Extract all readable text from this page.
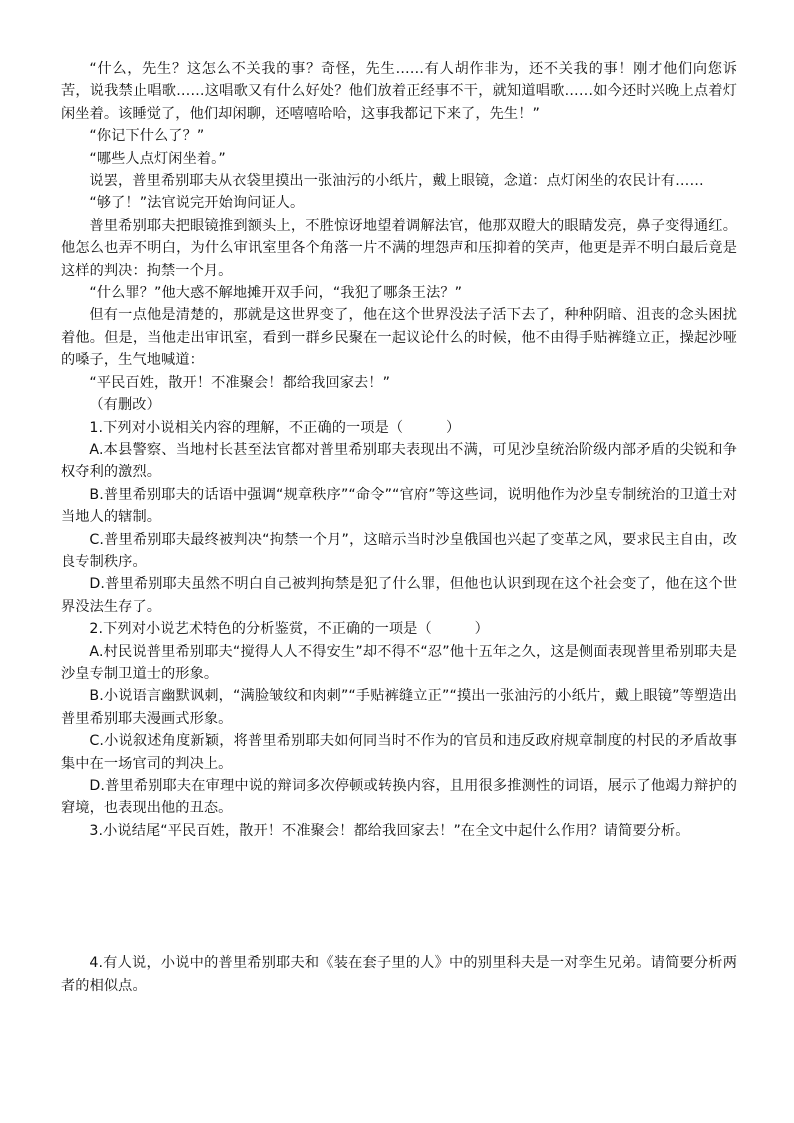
“什么，先生？这怎么不关我的事？奇怪，先生……有人胡作非为，还不关我的事！刚才他们向您诉苦，说我禁止唱歌……这唱歌又有什么好处？他们放着正经事不干，就知道唱歌……如今还时兴晚上点着灯闲坐着。该睡觉了，他们却闲聊，还嘻嘻哈哈，这事我都记下来了，先生！”

“你记下什么了？”

“哪些人点灯闲坐着。”

说罢，普里希别耶夫从衣袋里摸出一张油污的小纸片，戴上眼镜，念道：点灯闲坐的农民计有……

“够了！”法官说完开始询问证人。

普里希别耶夫把眼镜推到额头上，不胜惊讶地望着调解法官，他那双瞪大的眼睛发亮，鼻子变得通红。他怎么也弄不明白，为什么审讯室里各个角落一片不满的埋怨声和压抑着的笑声，他更是弄不明白最后竟是这样的判决：拘禁一个月。

“什么罪？”他大惑不解地摊开双手问，“我犯了哪条王法？”

但有一点他是清楚的，那就是这世界变了，他在这个世界没法子活下去了，种种阴暗、沮丧的念头困扰着他。但是，当他走出审讯室，看到一群乡民聚在一起议论什么的时候，他不由得手贴裤缝立正，操起沙哑的嗓子，生气地喊道：

“平民百姓，散开！不准聚会！都给我回家去！”

（有删改）

1.下列对小说相关内容的理解，不正确的一项是（　　　）

A.本县警察、当地村长甚至法官都对普里希别耶夫表现出不满，可见沙皇统治阶级内部矛盾的尖锐和争权夺利的激烈。

B.普里希别耶夫的话语中强调“规章秩序”“命令”“官府”等这些词，说明他作为沙皇专制统治的卫道士对当地人的辖制。

C.普里希别耶夫最终被判决“拘禁一个月”，这暗示当时沙皇俄国也兴起了变革之风，要求民主自由，改良专制秩序。

D.普里希别耶夫虽然不明白自己被判拘禁是犯了什么罪，但他也认识到现在这个社会变了，他在这个世界没法生存了。

2.下列对小说艺术特色的分析鉴赏，不正确的一项是（　　　）

A.村民说普里希别耶夫“搅得人人不得安生”却不得不“忍”他十五年之久，这是侧面表现普里希别耶夫是沙皇专制卫道士的形象。

B.小说语言幽默讽刺，“满脸皱纹和肉刺”“手贴裤缝立正”“摸出一张油污的小纸片，戴上眼镜”等塑造出普里希别耶夫漫画式形象。

C.小说叙述角度新颖，将普里希别耶夫如何同当时不作为的官员和违反政府规章制度的村民的矛盾故事集中在一场官司的判决上。

D.普里希别耶夫在审理中说的辩词多次停顿或转换内容，且用很多推测性的词语，展示了他竭力辩护的窘境，也表现出他的丑态。

3.小说结尾“平民百姓，散开！不准聚会！都给我回家去！”在全文中起什么作用？请简要分析。

4.有人说，小说中的普里希别耶夫和《装在套子里的人》中的别里科夫是一对孪生兄弟。请简要分析两者的相似点。
